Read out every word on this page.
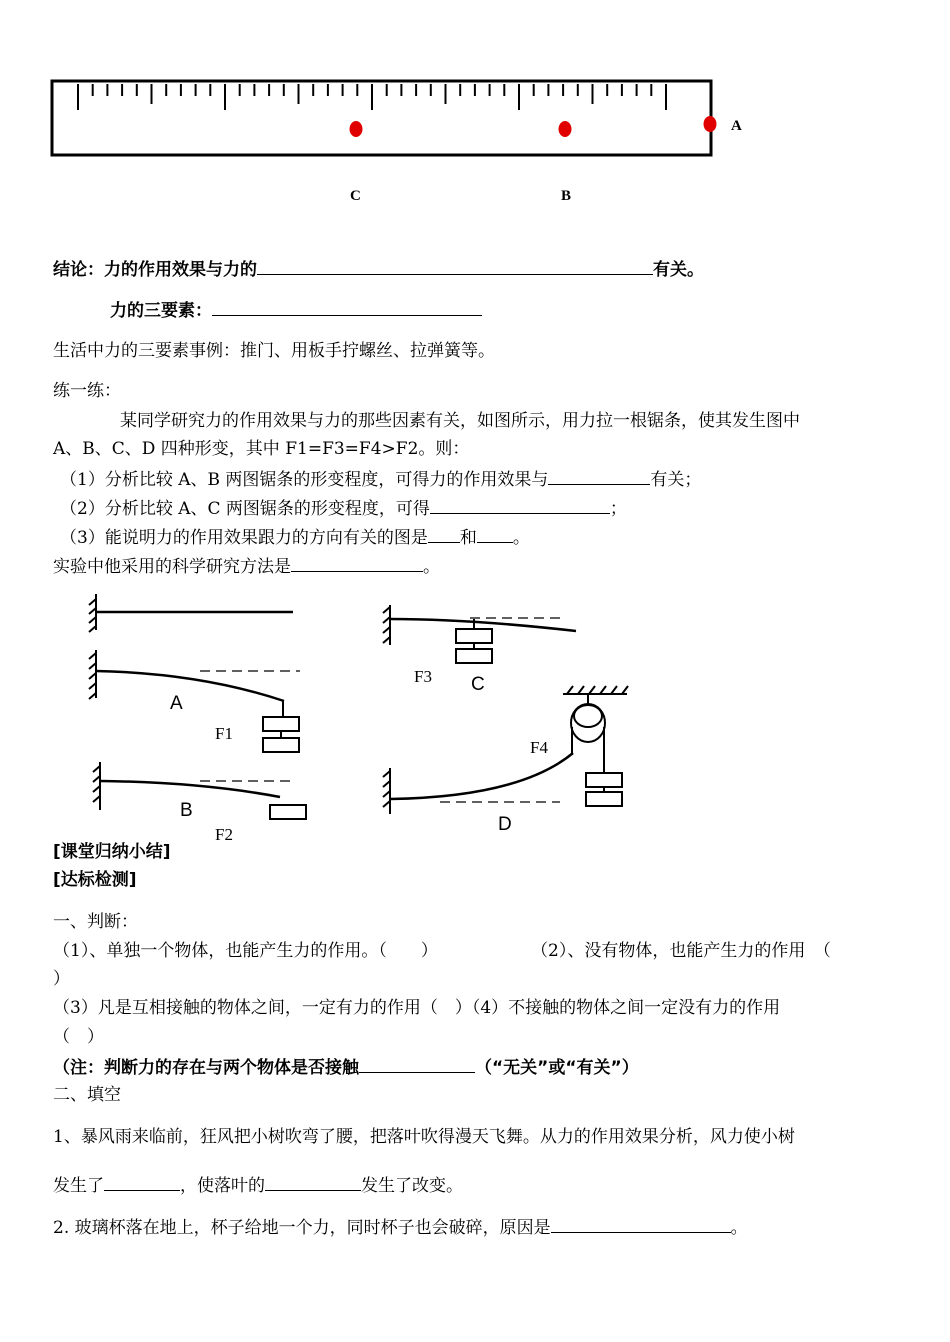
A
C	B
结论：力的作用效果与力的	有关。
力的三要素：
生活中力的三要素事例：推门、用板手拧螺丝、拉弹簧等。
练一练：
某同学研究力的作用效果与力的那些因素有关，如图所示，用力拉一根锯条，使其发生图中
A、B、C、D 四种形变，其中 F1=F3=F4>F2。则：
（1）分析比较 A、B 两图锯条的形变程度，可得力的作用效果与	有关；
（2）分析比较 A、C 两图锯条的形变程度，可得	；
（3）能说明力的作用效果跟力的方向有关的图是 和 。
实验中他采用的科学研究方法是	。
A
F1
B
F2
F3 C
F4
D
[课堂归纳小结]
[达标检测]
一、判断：
（1）、单独一个物体，也能产生力的作用。（　　）	（2）、没有物体，也能产生力的作用　（
）
（3）凡是互相接触的物体之间，一定有力的作用（　）（4）不接触的物体之间一定没有力的作用
（　）
（注：判断力的存在与两个物体是否接触	（“无关”或“有关”）
二、填空
1、暴风雨来临前，狂风把小树吹弯了腰，把落叶吹得漫天飞舞。从力的作用效果分析，风力使小树
发生了	，使落叶的	发生了改变。
2. 玻璃杯落在地上，杯子给地一个力，同时杯子也会破碎，原因是	。
